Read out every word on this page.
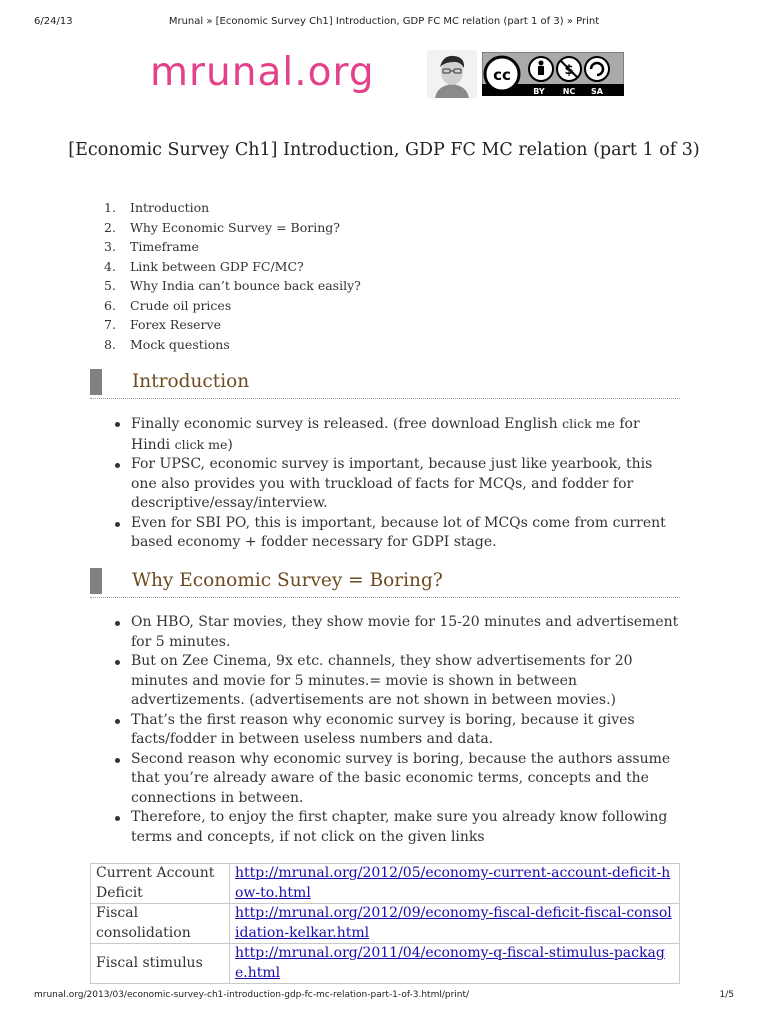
6/24/13	Mrunal » [Economic Survey Ch1] Introduction, GDP FC MC relation (part 1 of 3) » Print
mrunal.org	cc	$
BY NC SA
[Economic Survey Ch1] Introduction, GDP FC MC relation (part 1 of 3)
1. Introduction
2. Why Economic Survey = Boring?
3. Timeframe
4. Link between GDP FC/MC?
5. Why India can’t bounce back easily?
6. Crude oil prices
7. Forex Reserve
8. Mock questions
Introduction
Finally economic survey is released. (free download English click me for Hindi click me)
For UPSC, economic survey is important, because just like yearbook, this one also provides you with truckload of facts for MCQs, and fodder for descriptive/essay/interview.
Even for SBI PO, this is important, because lot of MCQs come from current based economy + fodder necessary for GDPI stage.
Why Economic Survey = Boring?
On HBO, Star movies, they show movie for 15-20 minutes and advertisement for 5 minutes.
But on Zee Cinema, 9x etc. channels, they show advertisements for 20 minutes and movie for 5 minutes.= movie is shown in between advertizements. (advertisements are not shown in between movies.)
That’s the first reason why economic survey is boring, because it gives facts/fodder in between useless numbers and data.
Second reason why economic survey is boring, because the authors assume that you’re already aware of the basic economic terms, concepts and the connections in between.
Therefore, to enjoy the first chapter, make sure you already know following terms and concepts, if not click on the given links
Current Account Deficit	http://mrunal.org/2012/05/economy-current-account-deficit-how-to.html
Fiscal consolidation	http://mrunal.org/2012/09/economy-fiscal-deficit-fiscal-consolidation-kelkar.html
Fiscal stimulus	http://mrunal.org/2011/04/economy-q-fiscal-stimulus-package.html
mrunal.org/2013/03/economic-survey-ch1-introduction-gdp-fc-mc-relation-part-1-of-3.html/print/	1/5
